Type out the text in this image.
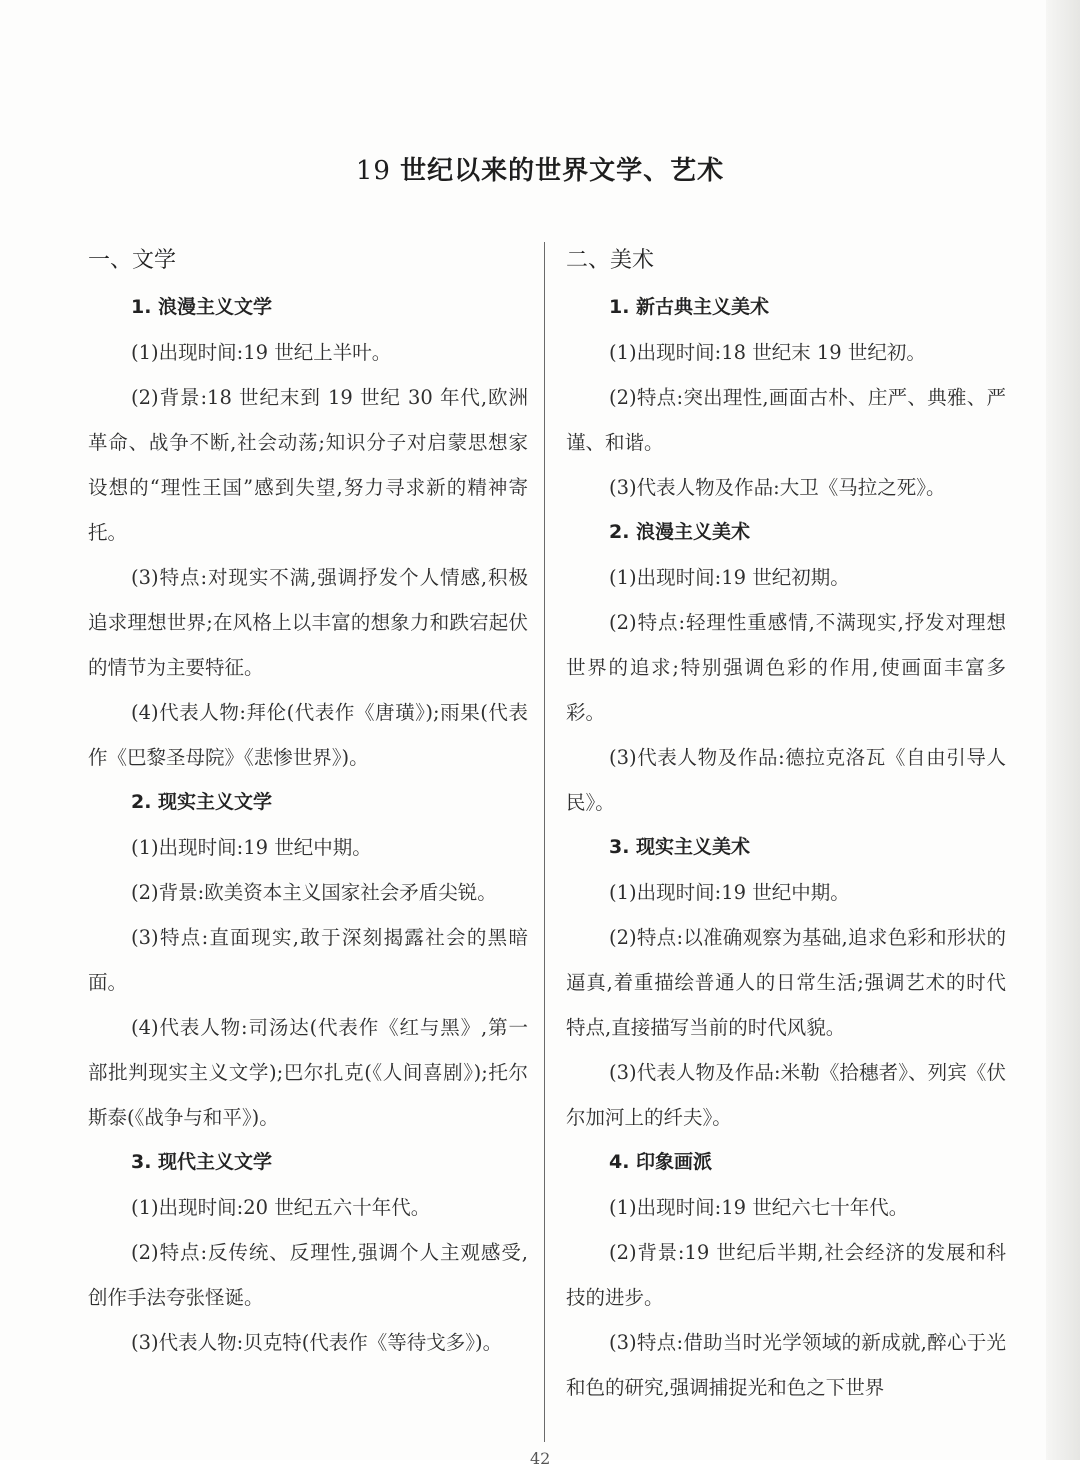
19 世纪以来的世界文学、艺术
一、文学
1. 浪漫主义文学
(1)出现时间:19 世纪上半叶。
(2)背景:18 世纪末到 19 世纪 30 年代,欧洲革命、战争不断,社会动荡;知识分子对启蒙思想家设想的“理性王国”感到失望,努力寻求新的精神寄托。
(3)特点:对现实不满,强调抒发个人情感,积极追求理想世界;在风格上以丰富的想象力和跌宕起伏的情节为主要特征。
(4)代表人物:拜伦(代表作《唐璜》);雨果(代表作《巴黎圣母院》《悲惨世界》)。
2. 现实主义文学
(1)出现时间:19 世纪中期。
(2)背景:欧美资本主义国家社会矛盾尖锐。
(3)特点:直面现实,敢于深刻揭露社会的黑暗面。
(4)代表人物:司汤达(代表作《红与黑》,第一部批判现实主义文学);巴尔扎克(《人间喜剧》);托尔斯泰(《战争与和平》)。
3. 现代主义文学
(1)出现时间:20 世纪五六十年代。
(2)特点:反传统、反理性,强调个人主观感受,创作手法夸张怪诞。
(3)代表人物:贝克特(代表作《等待戈多》)。
二、美术
1. 新古典主义美术
(1)出现时间:18 世纪末 19 世纪初。
(2)特点:突出理性,画面古朴、庄严、典雅、严谨、和谐。
(3)代表人物及作品:大卫《马拉之死》。
2. 浪漫主义美术
(1)出现时间:19 世纪初期。
(2)特点:轻理性重感情,不满现实,抒发对理想世界的追求;特别强调色彩的作用,使画面丰富多彩。
(3)代表人物及作品:德拉克洛瓦《自由引导人民》。
3. 现实主义美术
(1)出现时间:19 世纪中期。
(2)特点:以准确观察为基础,追求色彩和形状的逼真,着重描绘普通人的日常生活;强调艺术的时代特点,直接描写当前的时代风貌。
(3)代表人物及作品:米勒《拾穗者》、列宾《伏尔加河上的纤夫》。
4. 印象画派
(1)出现时间:19 世纪六七十年代。
(2)背景:19 世纪后半期,社会经济的发展和科技的进步。
(3)特点:借助当时光学领域的新成就,醉心于光和色的研究,强调捕捉光和色之下世界
42
